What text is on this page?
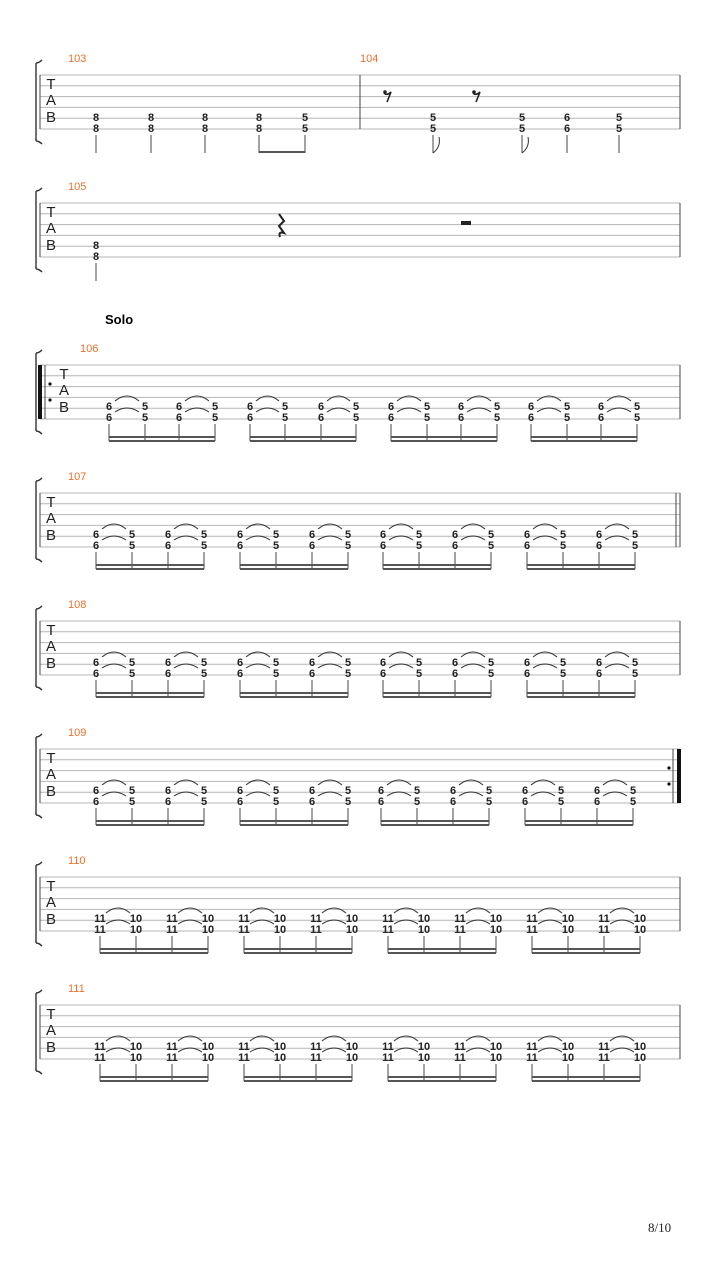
T
A
B
103	104
8
8
8
8
8
8
8
8
5
5
5
5
5
5
6
6
5
5
T
A
B
105
8
8
Solo
T
A
B
106
6
6
5
5
6
6
5
5
6
6
5
5
6
6
5
5
6
6
5
5
6
6
5
5
6
6
5
5
6
6
5
5
T
A
B
107
6
6
5
5
6
6
5
5
6
6
5
5
6
6
5
5
6
6
5
5
6
6
5
5
6
6
5
5
6
6
5
5
T
A
B
108
6
6
5
5
6
6
5
5
6
6
5
5
6
6
5
5
6
6
5
5
6
6
5
5
6
6
5
5
6
6
5
5
T
A
B
109
6
6
5
5
6
6
5
5
6
6
5
5
6
6
5
5
6
6
5
5
6
6
5
5
6
6
5
5
6
6
5
5
T
A
B
110
11
11
10
10
11
11
10
10
11
11
10
10
11
11
10
10
11
11
10
10
11
11
10
10
11
11
10
10
11
11
10
10
T
A
B
111
11
11
10
10
11
11
10
10
11
11
10
10
11
11
10
10
11
11
10
10
11
11
10
10
11
11
10
10
11
11
10
10
8/10
